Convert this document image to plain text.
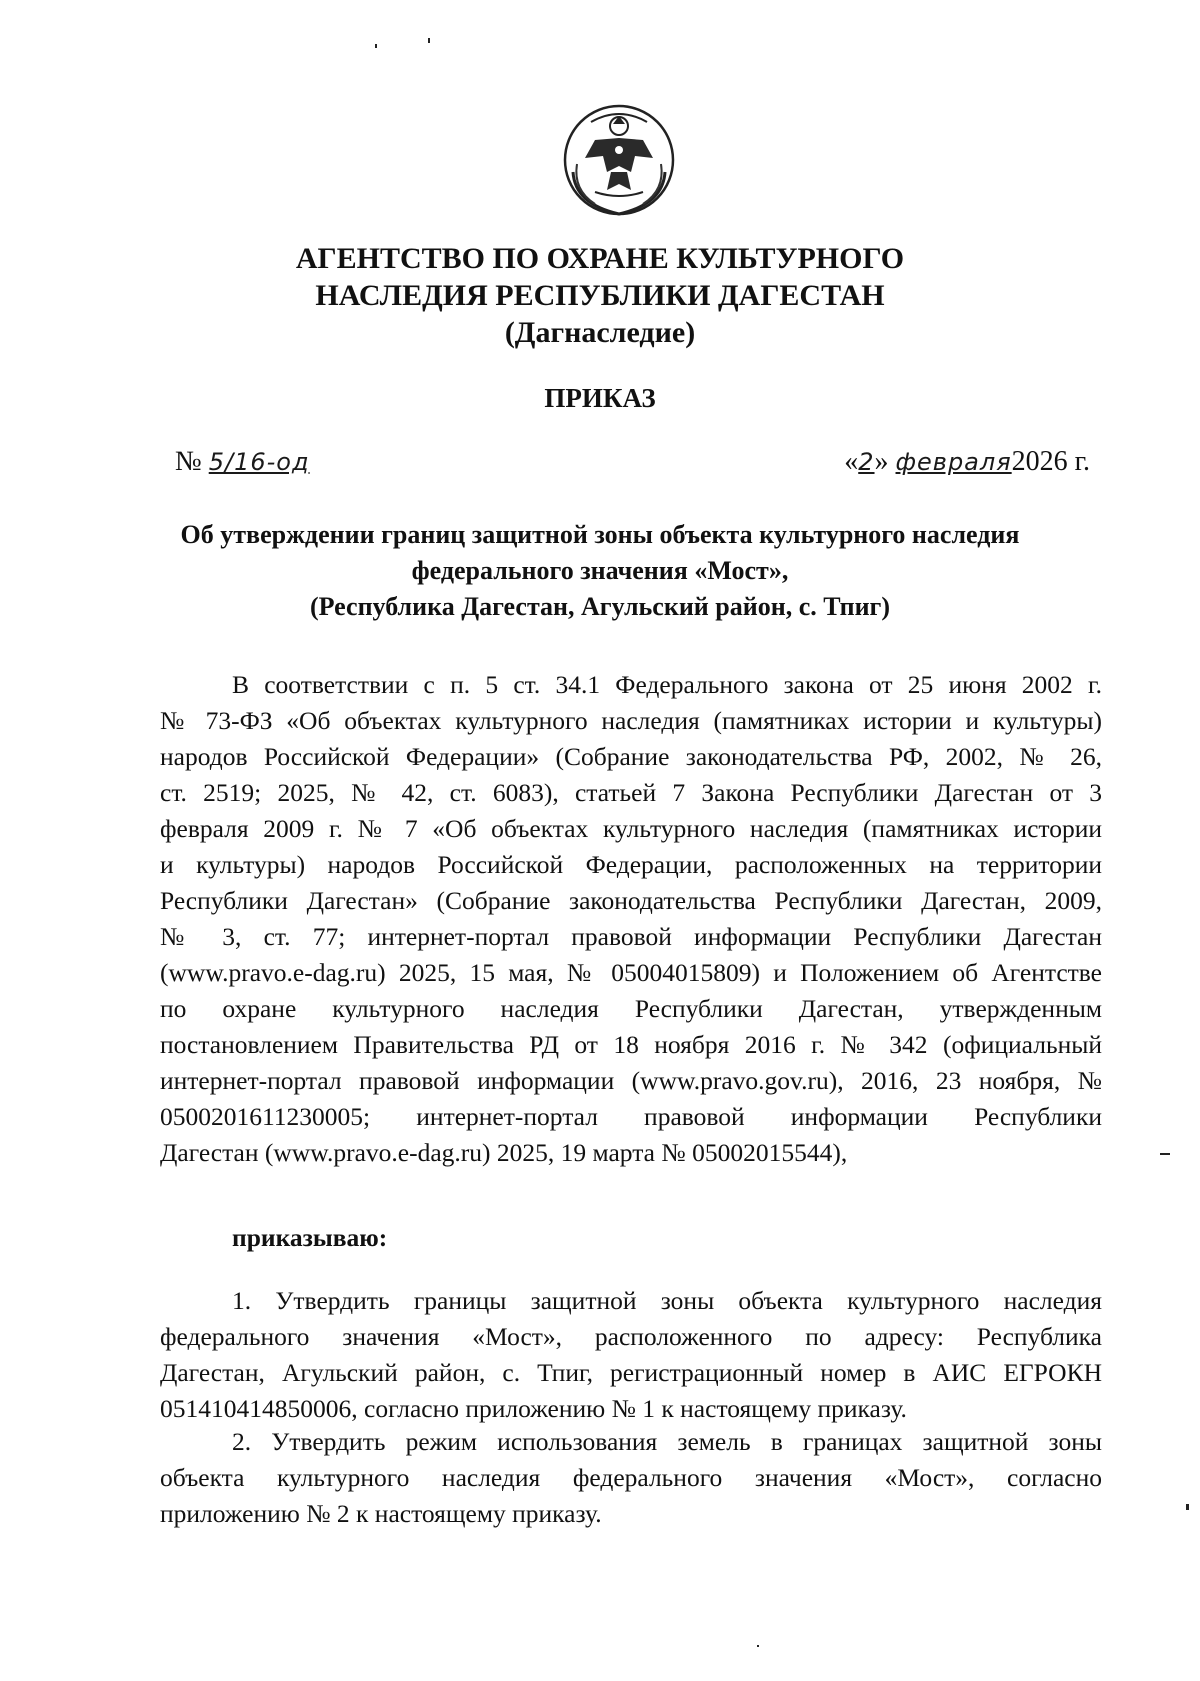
АГЕНТСТВО ПО ОХРАНЕ КУЛЬТУРНОГО
НАСЛЕДИЯ РЕСПУБЛИКИ ДАГЕСТАН
(Дагнаследие)
ПРИКАЗ
№ 5/16-од	«2» февраля2026 г.
Об утверждении границ защитной зоны объекта культурного наследия
федерального значения «Мост»,
(Республика Дагестан, Агульский район, с. Тпиг)
В соответствии с п. 5 ст. 34.1 Федерального закона от 25 июня 2002 г.
№ 73-ФЗ «Об объектах культурного наследия (памятниках истории и культуры)
народов Российской Федерации» (Собрание законодательства РФ, 2002, № 26,
ст. 2519; 2025, № 42, ст. 6083), статьей 7 Закона Республики Дагестан от 3
февраля 2009 г. № 7 «Об объектах культурного наследия (памятниках истории
и культуры) народов Российской Федерации, расположенных на территории
Республики Дагестан» (Собрание законодательства Республики Дагестан, 2009,
№ 3, ст. 77; интернет-портал правовой информации Республики Дагестан
(www.pravo.e-dag.ru) 2025, 15 мая, № 05004015809) и Положением об Агентстве
по охране культурного наследия Республики Дагестан, утвержденным
постановлением Правительства РД от 18 ноября 2016 г. № 342 (официальный
интернет-портал правовой информации (www.pravo.gov.ru), 2016, 23 ноября, №
0500201611230005; интернет-портал правовой информации Республики
Дагестан (www.pravo.e-dag.ru) 2025, 19 марта № 05002015544),
приказываю:
1. Утвердить границы защитной зоны объекта культурного наследия
федерального значения «Мост», расположенного по адресу: Республика
Дагестан, Агульский район, с. Тпиг, регистрационный номер в АИС ЕГРОКН
051410414850006, согласно приложению № 1 к настоящему приказу.
2. Утвердить режим использования земель в границах защитной зоны
объекта культурного наследия федерального значения «Мост», согласно
приложению № 2 к настоящему приказу.
